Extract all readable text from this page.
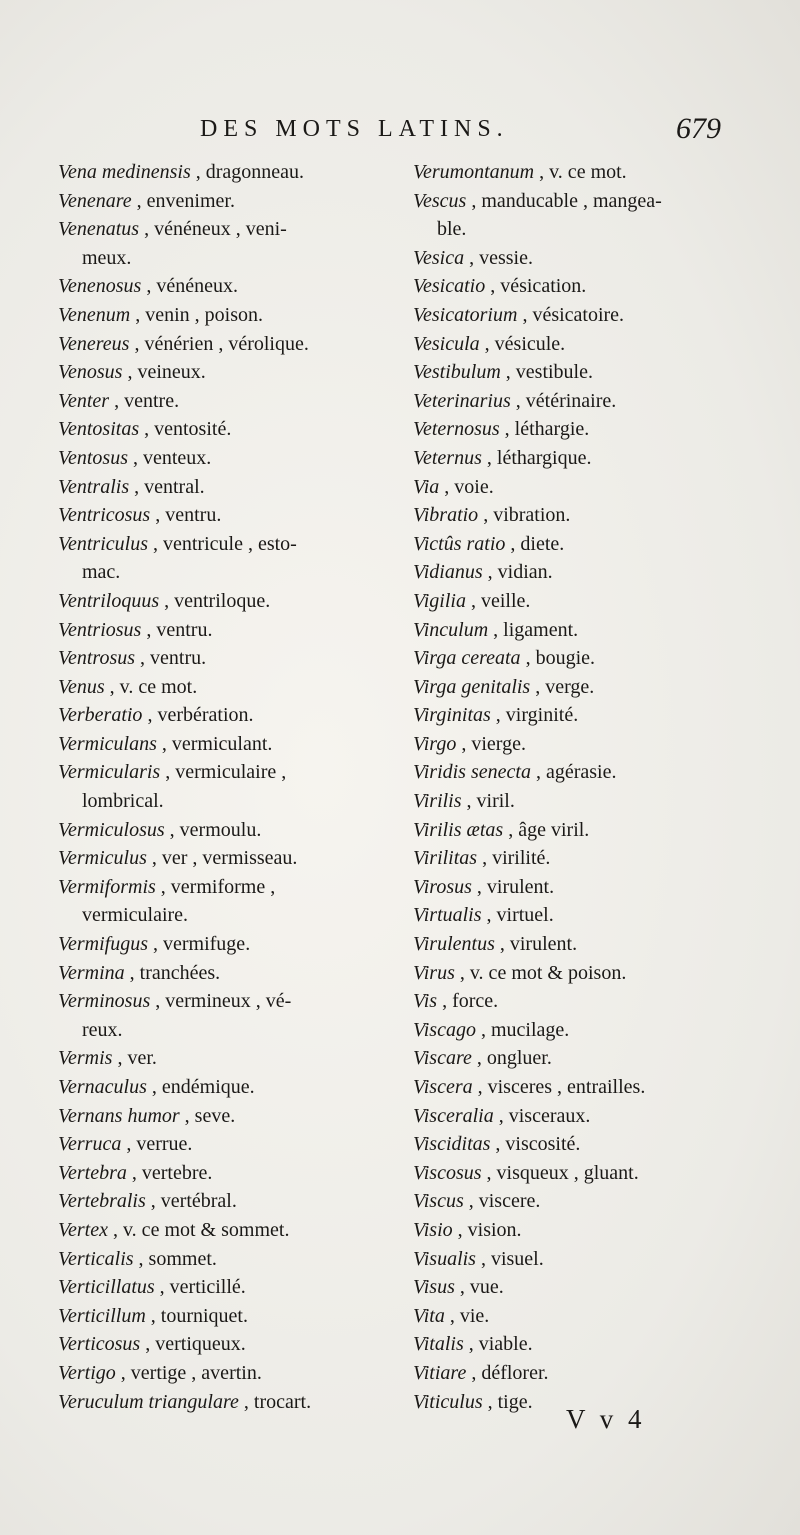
DES MOTS LATINS.	679
Vena medinensis , dragonneau.
Venenare , envenimer.
Venenatus , vénéneux , veni-
meux.
Venenosus , vénéneux.
Venenum , venin , poison.
Venereus , vénérien , vérolique.
Venosus , veineux.
Venter , ventre.
Ventositas , ventosité.
Ventosus , venteux.
Ventralis , ventral.
Ventricosus , ventru.
Ventriculus , ventricule , esto-
mac.
Ventriloquus , ventriloque.
Ventriosus , ventru.
Ventrosus , ventru.
Venus , v. ce mot.
Verberatio , verbération.
Vermiculans , vermiculant.
Vermicularis , vermiculaire ,
lombrical.
Vermiculosus , vermoulu.
Vermiculus , ver , vermisseau.
Vermiformis , vermiforme ,
vermiculaire.
Vermifugus , vermifuge.
Vermina , tranchées.
Verminosus , vermineux , vé-
reux.
Vermis , ver.
Vernaculus , endémique.
Vernans humor , seve.
Verruca , verrue.
Vertebra , vertebre.
Vertebralis , vertébral.
Vertex , v. ce mot & sommet.
Verticalis , sommet.
Verticillatus , verticillé.
Verticillum , tourniquet.
Verticosus , vertiqueux.
Vertigo , vertige , avertin.
Veruculum triangulare , trocart.
Verumontanum , v. ce mot.
Vescus , manducable , mangea-
ble.
Vesica , vessie.
Vesicatio , vésication.
Vesicatorium , vésicatoire.
Vesicula , vésicule.
Vestibulum , vestibule.
Veterinarius , vétérinaire.
Veternosus , léthargie.
Veternus , léthargique.
Via , voie.
Vibratio , vibration.
Victûs ratio , diete.
Vidianus , vidian.
Vigilia , veille.
Vinculum , ligament.
Virga cereata , bougie.
Virga genitalis , verge.
Virginitas , virginité.
Virgo , vierge.
Viridis senecta , agérasie.
Virilis , viril.
Virilis ætas , âge viril.
Virilitas , virilité.
Virosus , virulent.
Virtualis , virtuel.
Virulentus , virulent.
Virus , v. ce mot & poison.
Vis , force.
Viscago , mucilage.
Viscare , ongluer.
Viscera , visceres , entrailles.
Visceralia , visceraux.
Visciditas , viscosité.
Viscosus , visqueux , gluant.
Viscus , viscere.
Visio , vision.
Visualis , visuel.
Visus , vue.
Vita , vie.
Vitalis , viable.
Vitiare , déflorer.
Viticulus , tige.
V v 4
